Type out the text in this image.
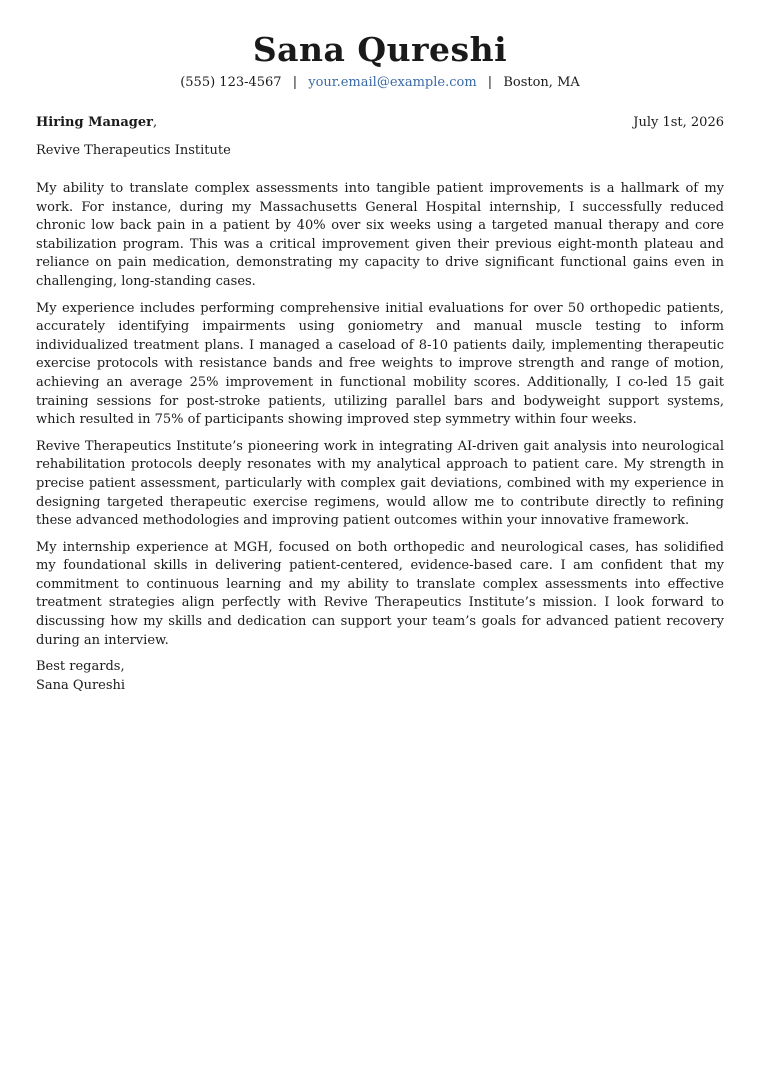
Sana Qureshi
(555) 123-4567 | your.email@example.com | Boston, MA
Hiring Manager,	July 1st, 2026
Revive Therapeutics Institute

My ability to translate complex assessments into tangible patient improvements is a hallmark of my work. For instance, during my Massachusetts General Hospital internship, I successfully reduced chronic low back pain in a patient by 40% over six weeks using a targeted manual therapy and core stabilization program. This was a critical improvement given their previous eight-month plateau and reliance on pain medication, demonstrating my capacity to drive significant functional gains even in challenging, long-standing cases.

My experience includes performing comprehensive initial evaluations for over 50 orthopedic patients, accurately identifying impairments using goniometry and manual muscle testing to inform individualized treatment plans. I managed a caseload of 8-10 patients daily, implementing therapeutic exercise protocols with resistance bands and free weights to improve strength and range of motion, achieving an average 25% improvement in functional mobility scores. Additionally, I co-led 15 gait training sessions for post-stroke patients, utilizing parallel bars and bodyweight support systems, which resulted in 75% of participants showing improved step symmetry within four weeks.

Revive Therapeutics Institute’s pioneering work in integrating AI-driven gait analysis into neurological rehabilitation protocols deeply resonates with my analytical approach to patient care. My strength in precise patient assessment, particularly with complex gait deviations, combined with my experience in designing targeted therapeutic exercise regimens, would allow me to contribute directly to refining these advanced methodologies and improving patient outcomes within your innovative framework.

My internship experience at MGH, focused on both orthopedic and neurological cases, has solidified my foundational skills in delivering patient-centered, evidence-based care. I am confident that my commitment to continuous learning and my ability to translate complex assessments into effective treatment strategies align perfectly with Revive Therapeutics Institute’s mission. I look forward to discussing how my skills and dedication can support your team’s goals for advanced patient recovery during an interview.

Best regards,
Sana Qureshi
